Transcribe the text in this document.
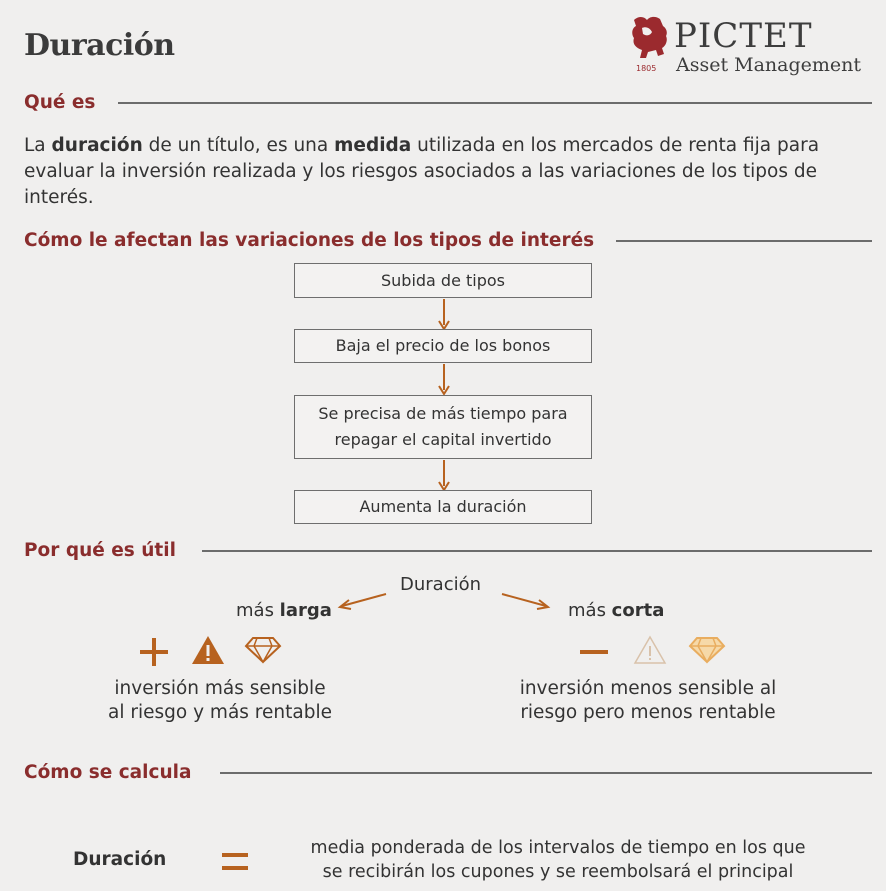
Duración
1805
PICTET
Asset Management
Qué es
La duración de un título, es una medida utilizada en los mercados de renta fija para evaluar la inversión realizada y los riesgos asociados a las variaciones de los tipos de interés.
Cómo le afectan las variaciones de los tipos de interés
Subida de tipos
Baja el precio de los bonos
Se precisa de más tiempo para repagar el capital invertido
Aumenta la duración
Por qué es útil
Duración
más larga	más corta
inversión más sensible
al riesgo y más rentable
inversión menos sensible al
riesgo pero menos rentable
Cómo se calcula
Duración
media ponderada de los intervalos de tiempo en los que
se recibirán los cupones y se reembolsará el principal
